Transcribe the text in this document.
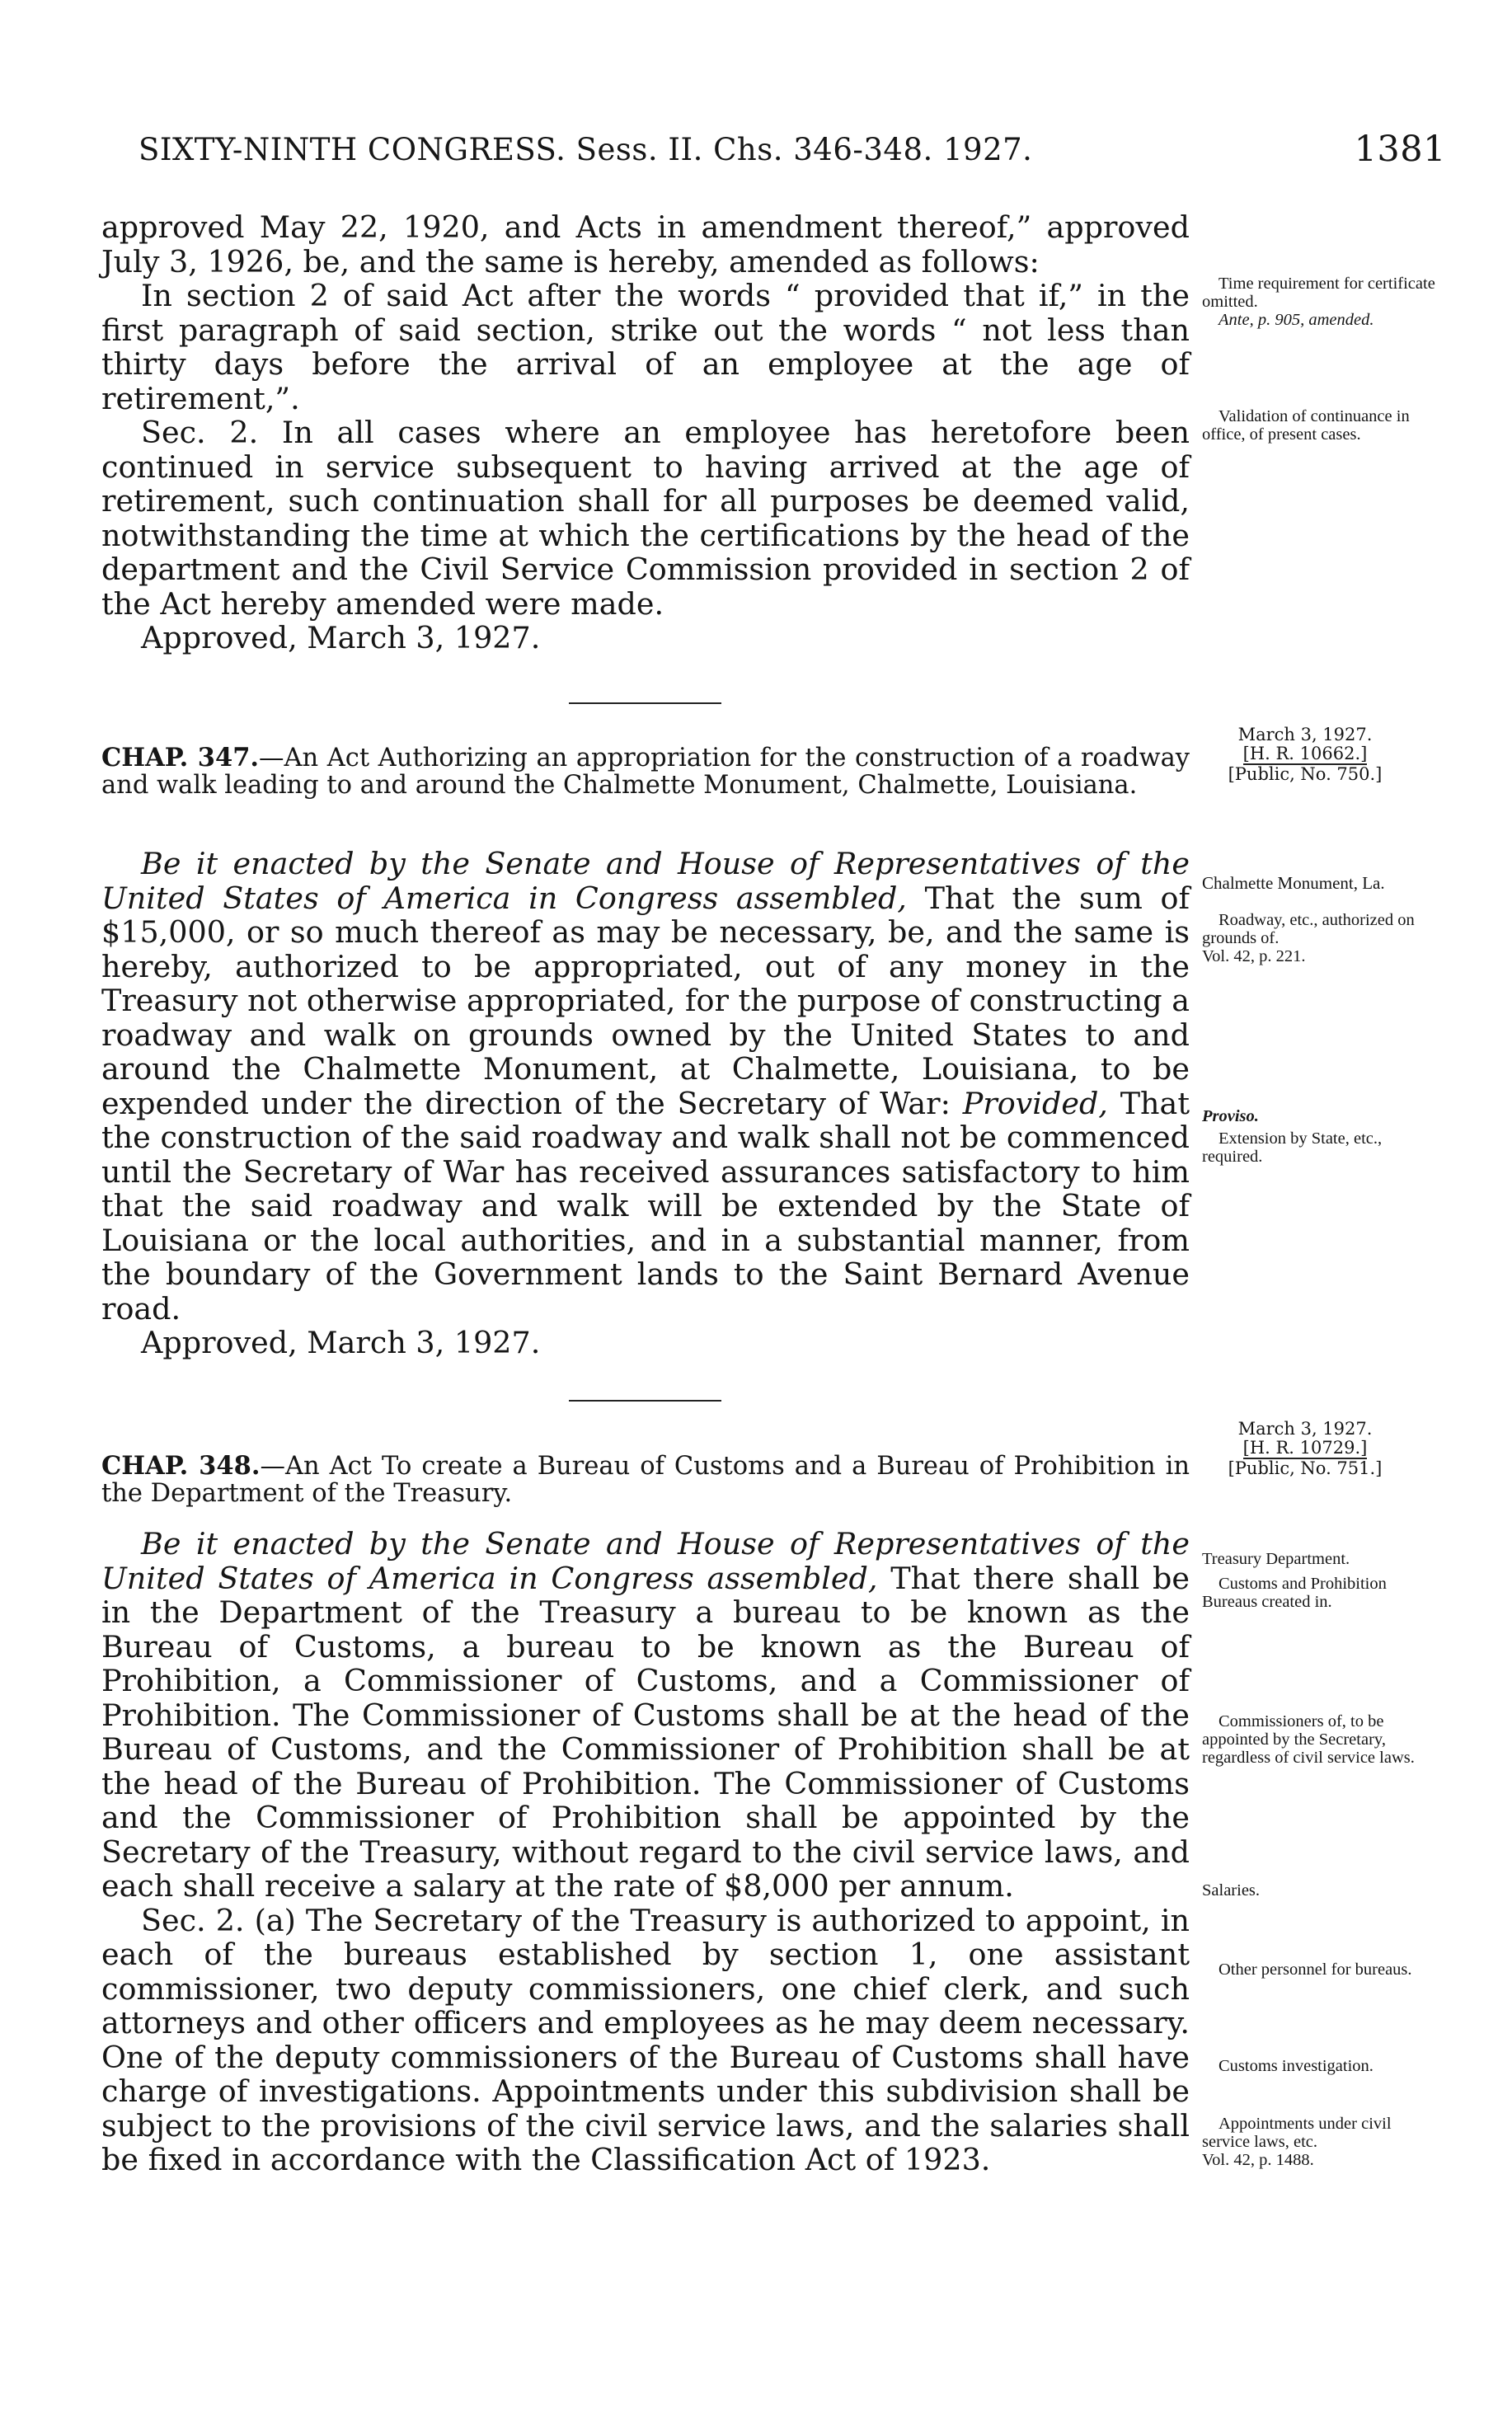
SIXTY-NINTH CONGRESS. Sess. II. Chs. 346-348. 1927.	1381

approved May 22, 1920, and Acts in amendment thereof,” approved July 3, 1926, be, and the same is hereby, amended as follows:

In section 2 of said Act after the words “ provided that if,” in the first paragraph of said section, strike out the words “ not less than thirty days before the arrival of an employee at the age of retirement,”.

Sec. 2. In all cases where an employee has heretofore been continued in service subsequent to having arrived at the age of retirement, such continuation shall for all purposes be deemed valid, notwithstanding the time at which the certifications by the head of the department and the Civil Service Commission provided in section 2 of the Act hereby amended were made.

Approved, March 3, 1927.

Time requirement for certificate omitted.

Ante, p. 905, amended.

Validation of continuance in office, of present cases.

March 3, 1927.
[H. R. 10662.]
[Public, No. 750.]
CHAP. 347.—An Act Authorizing an appropriation for the construction of a roadway and walk leading to and around the Chalmette Monument, Chalmette, Louisiana.

Be it enacted by the Senate and House of Representatives of the United States of America in Congress assembled, That the sum of $15,000, or so much thereof as may be necessary, be, and the same is hereby, authorized to be appropriated, out of any money in the Treasury not otherwise appropriated, for the purpose of constructing a roadway and walk on grounds owned by the United States to and around the Chalmette Monument, at Chalmette, Louisiana, to be expended under the direction of the Secretary of War: Provided, That the construction of the said roadway and walk shall not be commenced until the Secretary of War has received assurances satisfactory to him that the said roadway and walk will be extended by the State of Louisiana or the local authorities, and in a substantial manner, from the boundary of the Government lands to the Saint Bernard Avenue road.

Approved, March 3, 1927.

Chalmette Monument, La.

Roadway, etc., authorized on grounds of.

Vol. 42, p. 221.

Proviso.

Extension by State, etc., required.

March 3, 1927.
[H. R. 10729.]
[Public, No. 751.]
CHAP. 348.—An Act To create a Bureau of Customs and a Bureau of Prohibition in the Department of the Treasury.

Be it enacted by the Senate and House of Representatives of the United States of America in Congress assembled, That there shall be in the Department of the Treasury a bureau to be known as the Bureau of Customs, a bureau to be known as the Bureau of Prohibition, a Commissioner of Customs, and a Commissioner of Prohibition. The Commissioner of Customs shall be at the head of the Bureau of Customs, and the Commissioner of Prohibition shall be at the head of the Bureau of Prohibition. The Commissioner of Customs and the Commissioner of Prohibition shall be appointed by the Secretary of the Treasury, without regard to the civil service laws, and each shall receive a salary at the rate of $8,000 per annum.

Sec. 2. (a) The Secretary of the Treasury is authorized to appoint, in each of the bureaus established by section 1, one assistant commissioner, two deputy commissioners, one chief clerk, and such attorneys and other officers and employees as he may deem necessary. One of the deputy commissioners of the Bureau of Customs shall have charge of investigations. Appointments under this subdivision shall be subject to the provisions of the civil service laws, and the salaries shall be fixed in accordance with the Classification Act of 1923.

Treasury Department.

Customs and Prohibition Bureaus created in.

Commissioners of, to be appointed by the Secretary, regardless of civil service laws.

Salaries.

Other personnel for bureaus.

Customs investigation.

Appointments under civil service laws, etc.

Vol. 42, p. 1488.
